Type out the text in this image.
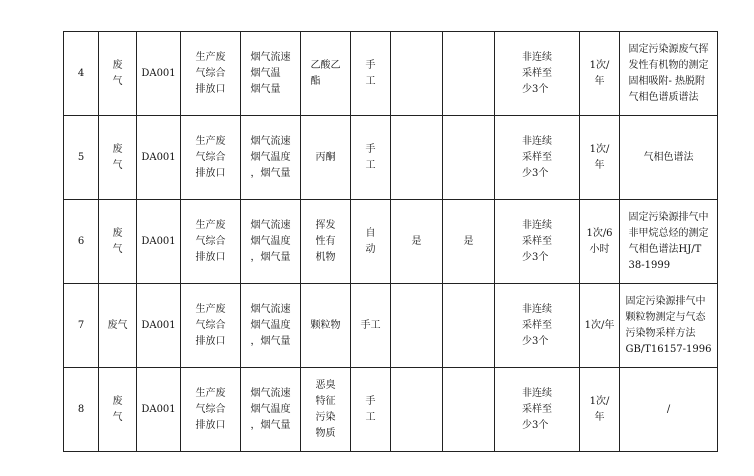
4	废
气	DA001	生产废
气综合
排放口	烟气流速
烟气温
烟气量	乙酸乙
酯	手
工			非连续
采样至
少3个	1次/
年	固定污染源废气挥
发性有机物的测定
固相吸附- 热脱附
气相色谱质谱法
5	废
气	DA001	生产废
气综合
排放口	烟气流速
烟气温度
，烟气量	丙酮	手
工			非连续
采样至
少3个	1次/
年	气相色谱法
6	废
气	DA001	生产废
气综合
排放口	烟气流速
烟气温度
，烟气量	挥发
性有
机物	自
动	是	是	非连续
采样至
少3个	1次/6
小时	固定污染源排气中
非甲烷总烃的测定
气相色谱法HJ/T
38-1999
7	废气	DA001	生产废
气综合
排放口	烟气流速
烟气温度
，烟气量	颗粒物	手工			非连续
采样至
少3个	1次/年	固定污染源排气中
颗粒物测定与气态
污染物采样方法
GB/T16157-1996
8	废
气	DA001	生产废
气综合
排放口	烟气流速
烟气温度
，烟气量	恶臭
特征
污染
物质	手
工			非连续
采样至
少3个	1次/
年	/
